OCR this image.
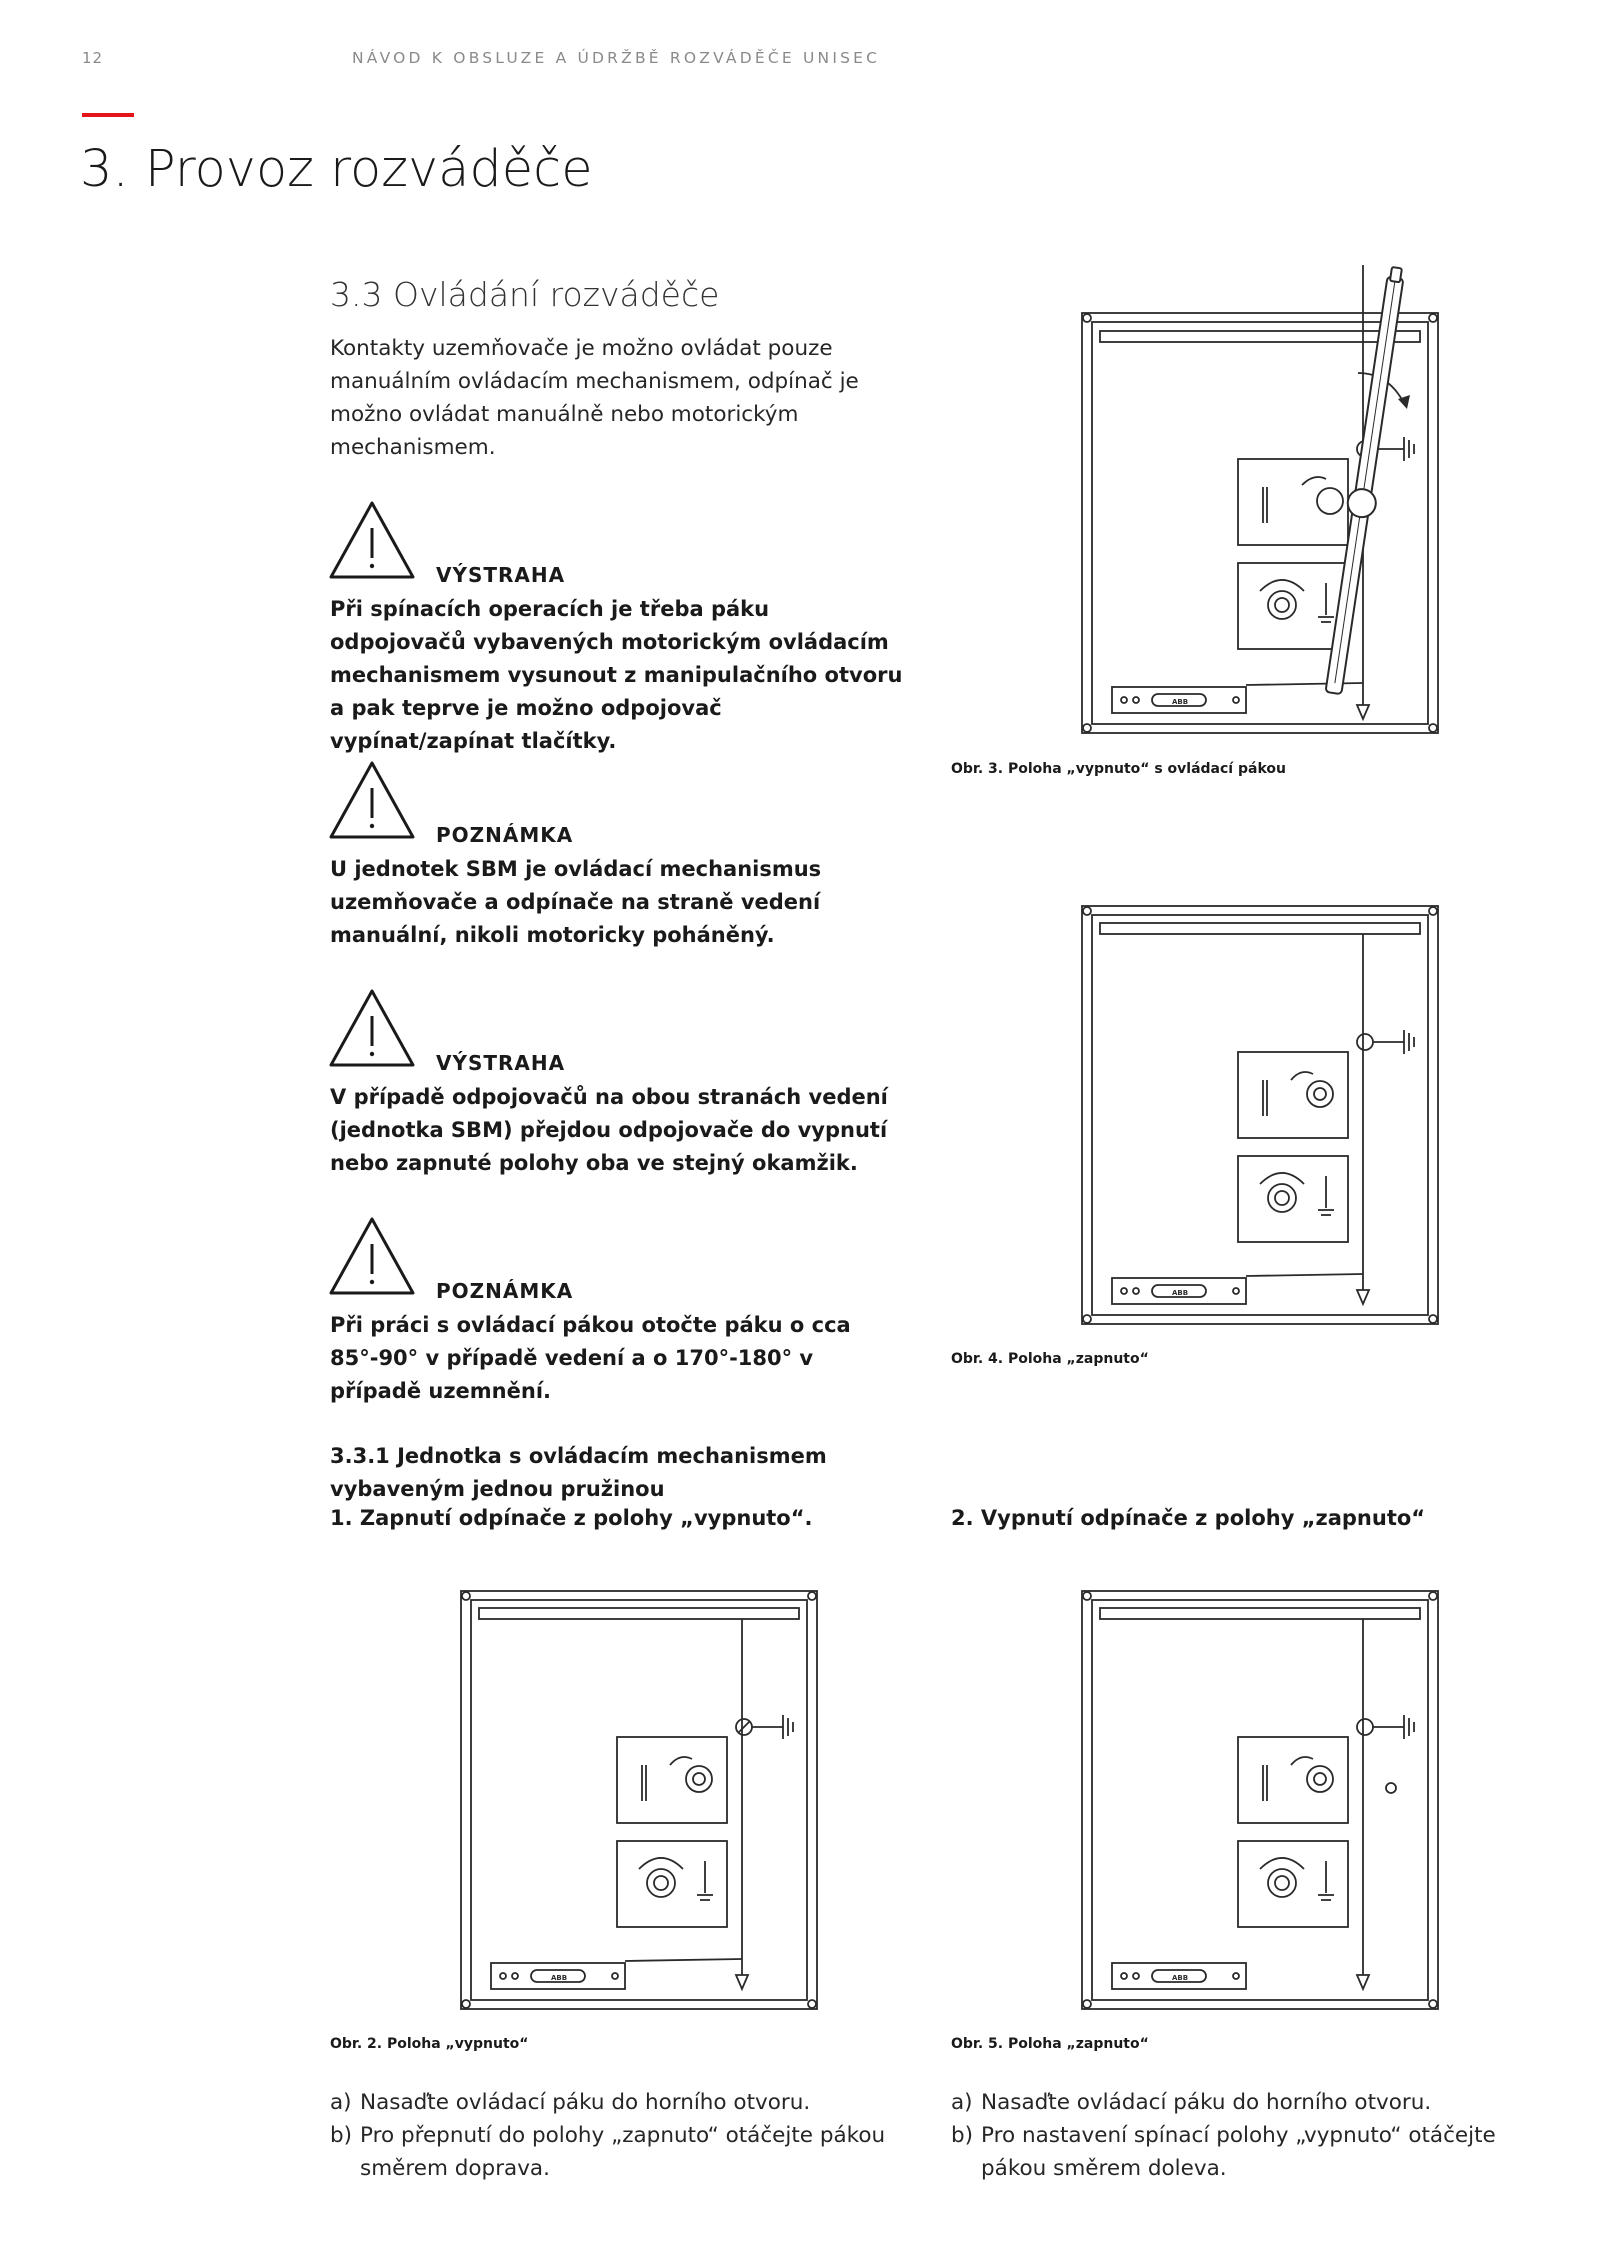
12	NÁVOD K OBSLUZE A ÚDRŽBĚ ROZVÁDĚČE UNISEC
3. Provoz rozváděče
3.3 Ovládání rozváděče
Kontakty uzemňovače je možno ovládat pouze manuálním ovládacím mechanismem, odpínač je možno ovládat manuálně nebo motorickým mechanismem.
VÝSTRAHA
Při spínacích operacích je třeba páku odpojovačů vybavených motorickým ovládacím mechanismem vysunout z manipulačního otvoru a pak teprve je možno odpojovač vypínat/zapínat tlačítky.
POZNÁMKA
U jednotek SBM je ovládací mechanismus uzemňovače a odpínače na straně vedení manuální, nikoli motoricky poháněný.
VÝSTRAHA
V případě odpojovačů na obou stranách vedení (jednotka SBM) přejdou odpojovače do vypnutí nebo zapnuté polohy oba ve stejný okamžik.
POZNÁMKA
Při práci s ovládací pákou otočte páku o cca 85°-90° v případě vedení a o 170°-180° v případě uzemnění.
3.3.1 Jednotka s ovládacím mechanismem vybaveným jednou pružinou
1. Zapnutí odpínače z polohy „vypnuto“.	2. Vypnutí odpínače z polohy „zapnuto“
ABB
Obr. 3. Poloha „vypnuto“ s ovládací pákou
ABB
Obr. 4. Poloha „zapnuto“
ABB
Obr. 2. Poloha „vypnuto“
ABB
Obr. 5. Poloha „zapnuto“
a) Nasaďte ovládací páku do horního otvoru.
b) Pro přepnutí do polohy „zapnuto“ otáčejte pákou směrem doprava.
a) Nasaďte ovládací páku do horního otvoru.
b) Pro nastavení spínací polohy „vypnuto“ otáčejte pákou směrem doleva.
